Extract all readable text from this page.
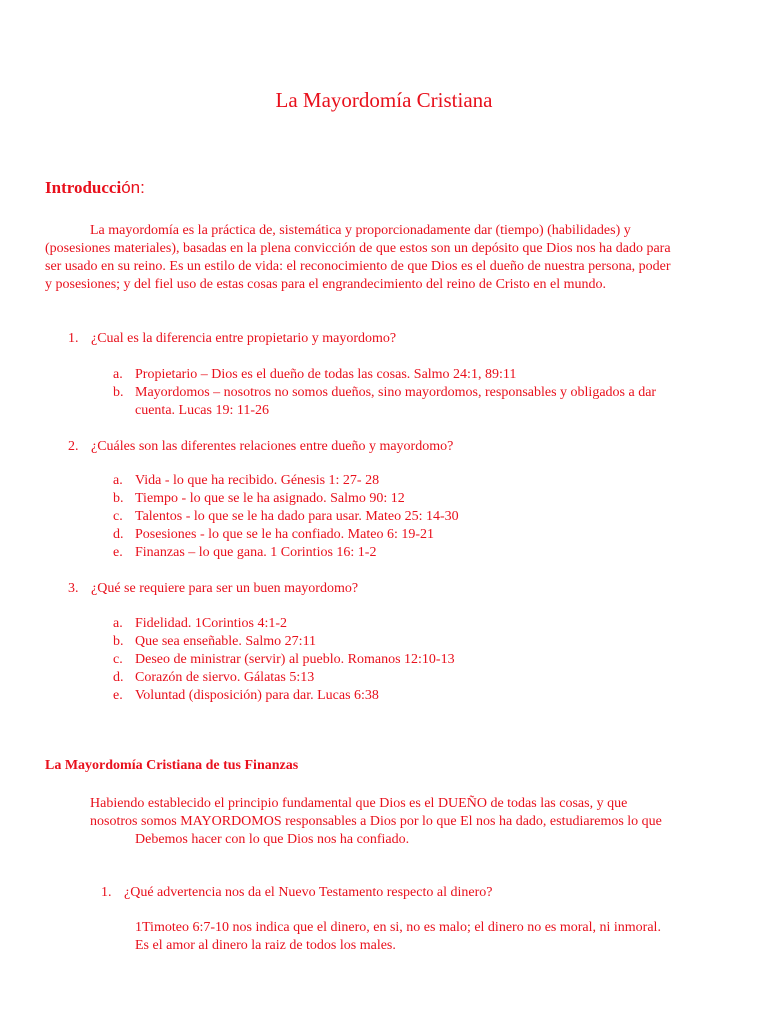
La Mayordomía Cristiana
Introducción:

La mayordomía es la práctica de, sistemática y proporcionadamente dar (tiempo) (habilidades) y

(posesiones materiales), basadas en la plena convicción de que estos son un depósito que Dios nos ha dado para

ser usado en su reino. Es un estilo de vida: el reconocimiento de que Dios es el dueño de nuestra persona, poder

y posesiones; y del fiel uso de estas cosas para el engrandecimiento del reino de Cristo en el mundo.

1. ¿Cual es la diferencia entre propietario y mayordomo?
a. Propietario – Dios es el dueño de todas las cosas. Salmo 24:1, 89:11
b. Mayordomos – nosotros no somos dueños, sino mayordomos, responsables y obligados a dar
cuenta. Lucas 19: 11-26
2. ¿Cuáles son las diferentes relaciones entre dueño y mayordomo?
a. Vida - lo que ha recibido. Génesis 1: 27- 28
b. Tiempo - lo que se le ha asignado. Salmo 90: 12
c. Talentos - lo que se le ha dado para usar. Mateo 25: 14-30
d. Posesiones - lo que se le ha confiado. Mateo 6: 19-21
e. Finanzas – lo que gana. 1 Corintios 16: 1-2
3. ¿Qué se requiere para ser un buen mayordomo?
a. Fidelidad. 1Corintios 4:1-2
b. Que sea enseñable. Salmo 27:11
c. Deseo de ministrar (servir) al pueblo. Romanos 12:10-13
d. Corazón de siervo. Gálatas 5:13
e. Voluntad (disposición) para dar. Lucas 6:38
La Mayordomía Cristiana de tus Finanzas
Habiendo establecido el principio fundamental que Dios es el DUEÑO de todas las cosas, y que
nosotros somos MAYORDOMOS responsables a Dios por lo que El nos ha dado, estudiaremos lo que
Debemos hacer con lo que Dios nos ha confiado.
1. ¿Qué advertencia nos da el Nuevo Testamento respecto al dinero?
1Timoteo 6:7-10 nos indica que el dinero, en si, no es malo; el dinero no es moral, ni inmoral.
Es el amor al dinero la raiz de todos los males.
